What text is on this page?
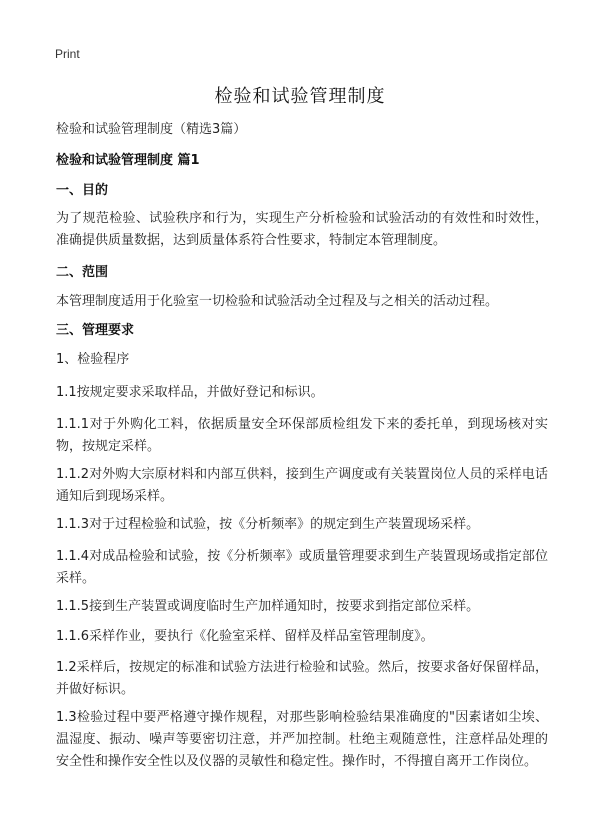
Print
检验和试验管理制度
检验和试验管理制度（精选3篇）
检验和试验管理制度 篇1
一、目的
为了规范检验、试验秩序和行为，实现生产分析检验和试验活动的有效性和时效性，准确提供质量数据，达到质量体系符合性要求，特制定本管理制度。
二、范围
本管理制度适用于化验室一切检验和试验活动全过程及与之相关的活动过程。
三、管理要求
1、检验程序
1.1按规定要求采取样品，并做好登记和标识。
1.1.1对于外购化工料，依据质量安全环保部质检组发下来的委托单，到现场核对实物，按规定采样。
1.1.2对外购大宗原材料和内部互供料，接到生产调度或有关装置岗位人员的采样电话通知后到现场采样。
1.1.3对于过程检验和试验，按《分析频率》的规定到生产装置现场采样。
1.1.4对成品检验和试验，按《分析频率》或质量管理要求到生产装置现场或指定部位采样。
1.1.5接到生产装置或调度临时生产加样通知时，按要求到指定部位采样。
1.1.6采样作业，要执行《化验室采样、留样及样品室管理制度》。
1.2采样后，按规定的标准和试验方法进行检验和试验。然后，按要求备好保留样品，并做好标识。
1.3检验过程中要严格遵守操作规程，对那些影响检验结果准确度的"因素诸如尘埃、温湿度、振动、噪声等要密切注意，并严加控制。杜绝主观随意性，注意样品处理的安全性和操作安全性以及仪器的灵敏性和稳定性。操作时，不得擅自离开工作岗位。
